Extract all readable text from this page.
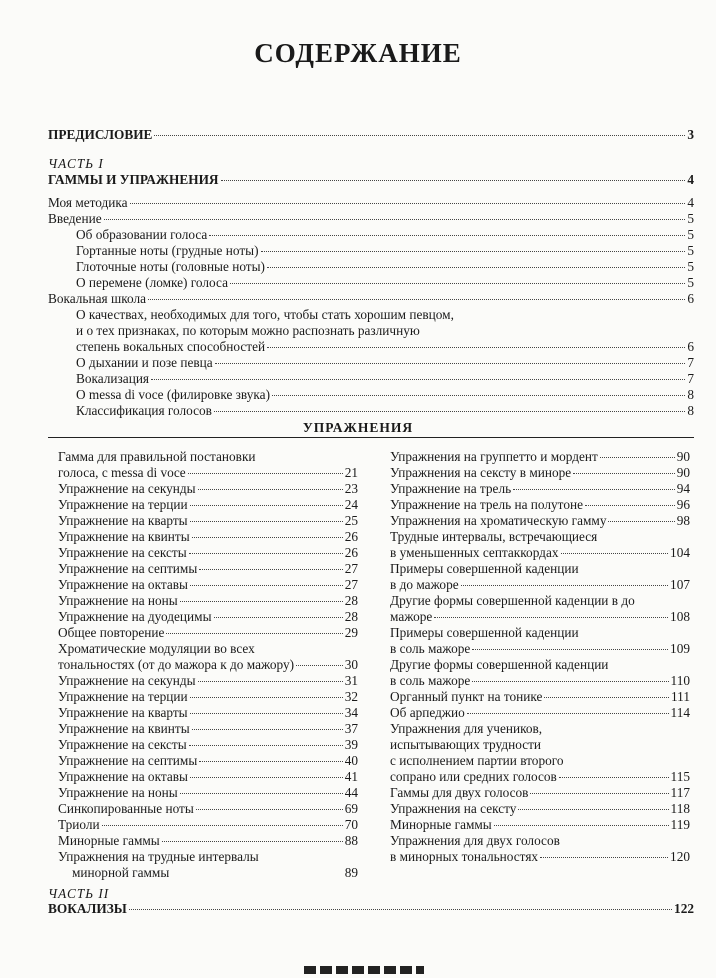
СОДЕРЖАНИЕ
ПРЕДИСЛОВИЕ	3
ЧАСТЬ I
ГАММЫ И УПРАЖНЕНИЯ	4
Моя методика	4
Введение	5
Об образовании голоса	5
Гортанные ноты (грудные ноты)	5
Глоточные ноты (головные ноты)	5
О перемене (ломке) голоса	5
Вокальная школа	6
О качествах, необходимых для того, чтобы стать хорошим певцом,
и о тех признаках, по которым можно распознать различную
степень вокальных способностей	6
О дыхании и позе певца	7
Вокализация	7
О messa di voce (филировке звука)	8
Классификация голосов	8
УПРАЖНЕНИЯ
Гамма для правильной постановки
голоса, с messa di voce	21
Упражнение на секунды	23
Упражнение на терции	24
Упражнение на кварты	25
Упражнение на квинты	26
Упражнение на сексты	26
Упражнение на септимы	27
Упражнение на октавы	27
Упражнение на ноны	28
Упражнение на дуодецимы	28
Общее повторение	29
Хроматические модуляции во всех
тональностях (от до мажора к до мажору)	30
Упражнение на секунды	31
Упражнение на терции	32
Упражнение на кварты	34
Упражнение на квинты	37
Упражнение на сексты	39
Упражнение на септимы	40
Упражнение на октавы	41
Упражнение на ноны	44
Синкопированные ноты	69
Триоли	70
Минорные гаммы	88
Упражнения на трудные интервалы
минорной гаммы	89
Упражнения на группетто и мордент	90
Упражнения на сексту в миноре	90
Упражнение на трель	94
Упражнение на трель на полутоне	96
Упражнения на хроматическую гамму	98
Трудные интервалы, встречающиеся
в уменьшенных септаккордах	104
Примеры совершенной каденции
в до мажоре	107
Другие формы совершенной каденции в до
мажоре	108
Примеры совершенной каденции
в соль мажоре	109
Другие формы совершенной каденции
в соль мажоре	110
Органный пункт на тонике	111
Об арпеджио	114
Упражнения для учеников,
испытывающих трудности
с исполнением партии второго
сопрано или средних голосов	115
Гаммы для двух голосов	117
Упражнения на сексту	118
Минорные гаммы	119
Упражнения для двух голосов
в минорных тональностях	120
ЧАСТЬ II
ВОКАЛИЗЫ	122
